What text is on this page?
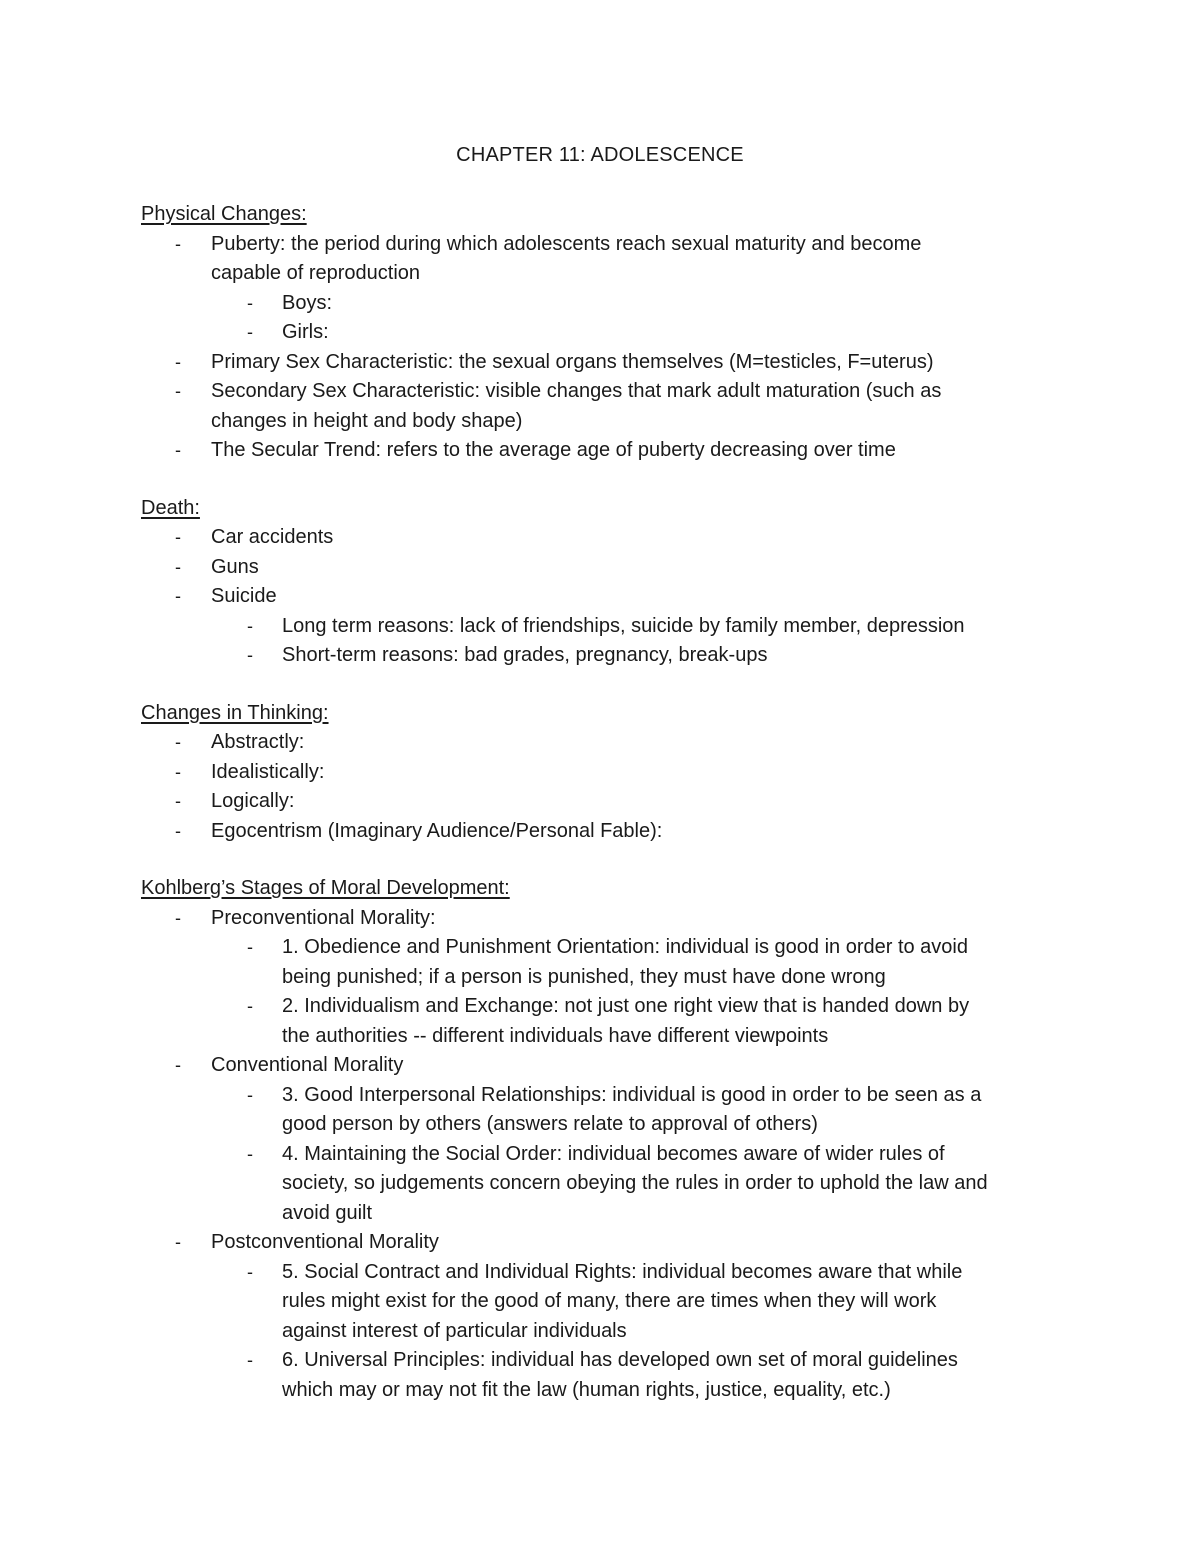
CHAPTER 11: ADOLESCENCE
Physical Changes:
- Puberty: the period during which adolescents reach sexual maturity and become
capable of reproduction
- Boys:
- Girls:
- Primary Sex Characteristic: the sexual organs themselves (M=testicles, F=uterus)
- Secondary Sex Characteristic: visible changes that mark adult maturation (such as
changes in height and body shape)
- The Secular Trend: refers to the average age of puberty decreasing over time
Death:
- Car accidents
- Guns
- Suicide
- Long term reasons: lack of friendships, suicide by family member, depression
- Short-term reasons: bad grades, pregnancy, break-ups
Changes in Thinking:
- Abstractly:
- Idealistically:
- Logically:
- Egocentrism (Imaginary Audience/Personal Fable):
Kohlberg’s Stages of Moral Development:
- Preconventional Morality:
- 1. Obedience and Punishment Orientation: individual is good in order to avoid
being punished; if a person is punished, they must have done wrong
- 2. Individualism and Exchange: not just one right view that is handed down by
the authorities -- different individuals have different viewpoints
- Conventional Morality
- 3. Good Interpersonal Relationships: individual is good in order to be seen as a
good person by others (answers relate to approval of others)
- 4. Maintaining the Social Order: individual becomes aware of wider rules of
society, so judgements concern obeying the rules in order to uphold the law and
avoid guilt
- Postconventional Morality
- 5. Social Contract and Individual Rights: individual becomes aware that while
rules might exist for the good of many, there are times when they will work
against interest of particular individuals
- 6. Universal Principles: individual has developed own set of moral guidelines
which may or may not fit the law (human rights, justice, equality, etc.)
